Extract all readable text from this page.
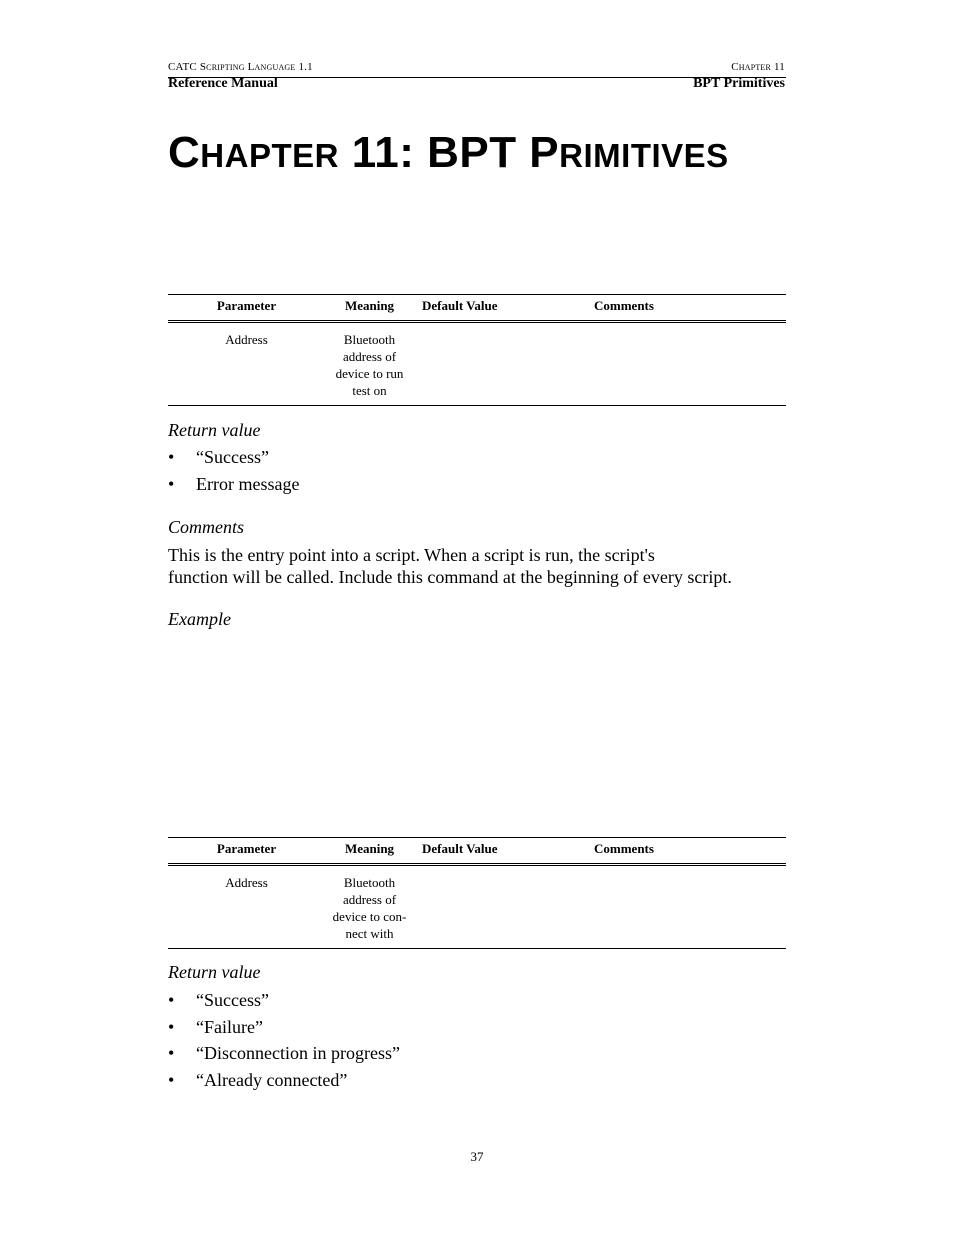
CATC Scripting Language 1.1	Chapter 11
Reference Manual	BPT Primitives
CHAPTER 11: BPT PRIMITIVES
Parameter	Meaning	Default Value	Comments
Address	Bluetooth
address of
device to run
test on		

Return value
• “Success”
• Error message
Comments
This is the entry point into a script. When a script is run, the script's
function will be called. Include this command at the beginning of every script.
Example
Parameter	Meaning	Default Value	Comments
Address	Bluetooth
address of
device to con-
nect with		

Return value
• “Success”
• “Failure”
• “Disconnection in progress”
• “Already connected”
37
